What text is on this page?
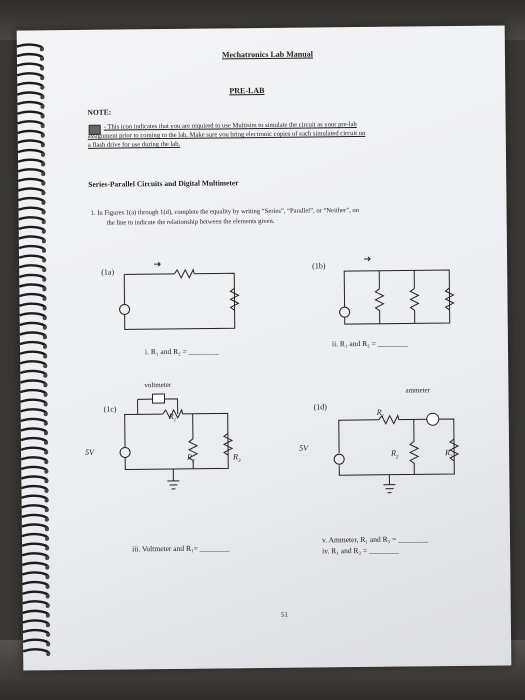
Mechatronics Lab Manual
PRE-LAB
NOTE:
- This icon indicates that you are required to use Multisim to simulate the circuit as your pre-lab
assignment prior to coming to the lab. Make sure you bring electronic copies of each simulated circuit on
a flash drive for use during the lab.
Series-Parallel Circuits and Digital Multimeter
1. In Figures 1(a) through 1(d), complete the equality by writing “Series”, “Parallel”, or “Neither”, on
the line to indicate the relationship between the elements given.
(1a)
i. R₁ and R₂ = ________
(1b)
ii. R₁ and R₂ = ________
(1c)
voltmeter
5V
$R_1$
$R_2$
$R_3$
iii. Voltmeter and R₁= ________
(1d)
ammeter
5V
$R_1$
$R_2$
$R_3$
v. Ammeter, R₁ and R₃ = ________
iv. R₁ and R₂ = ________
51
